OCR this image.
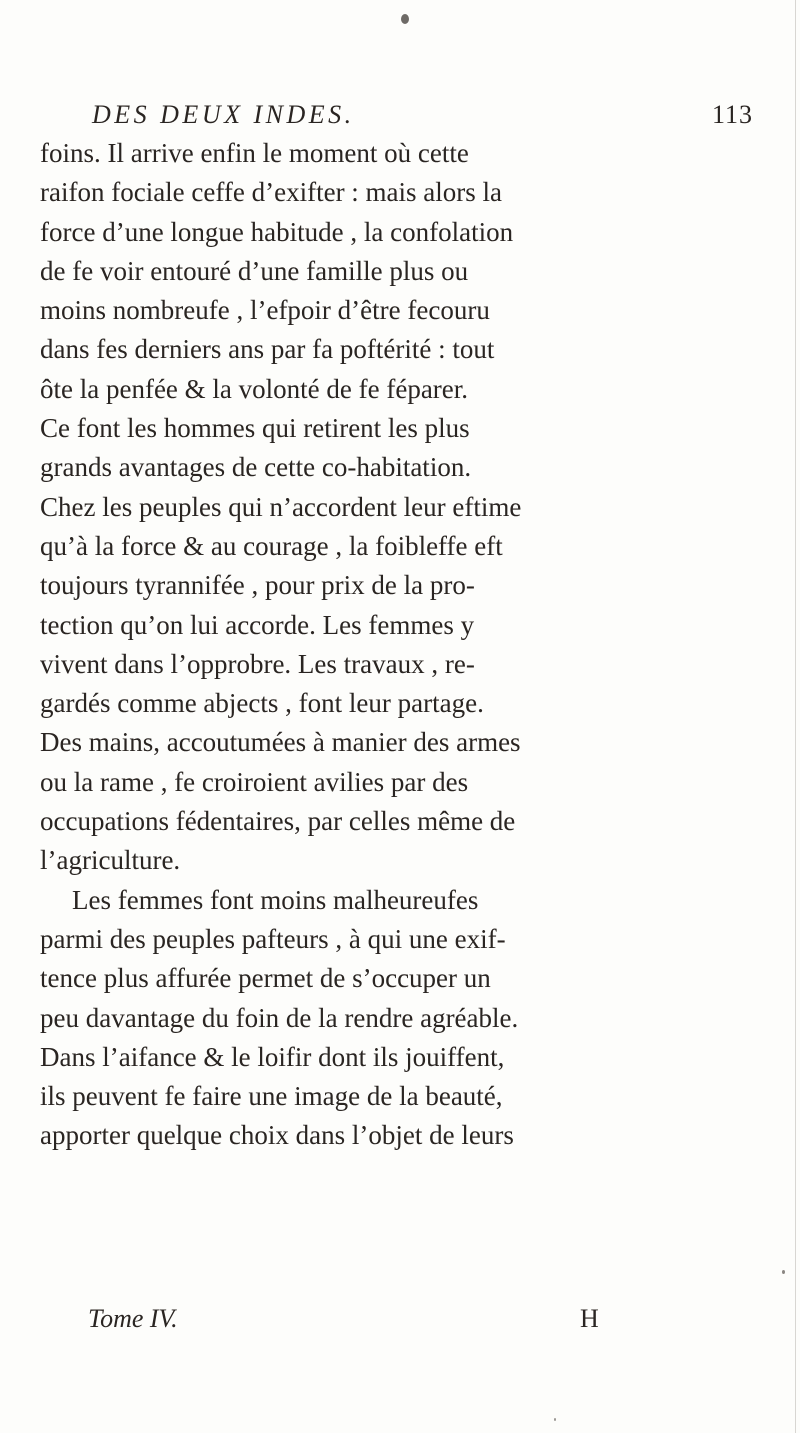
DES DEUX INDES.	113
foins. Il arrive enfin le moment où cette
raifon fociale ceffe d’exifter : mais alors la
force d’une longue habitude , la confolation
de fe voir entouré d’une famille plus ou
moins nombreufe , l’efpoir d’être fecouru
dans fes derniers ans par fa poftérité : tout
ôte la penfée & la volonté de fe féparer.
Ce font les hommes qui retirent les plus
grands avantages de cette co-habitation.
Chez les peuples qui n’accordent leur eftime
qu’à la force & au courage , la foibleffe eft
toujours tyrannifée , pour prix de la pro-
tection qu’on lui accorde. Les femmes y
vivent dans l’opprobre. Les travaux , re-
gardés comme abjects , font leur partage.
Des mains, accoutumées à manier des armes
ou la rame , fe croiroient avilies par des
occupations fédentaires, par celles même de
l’agriculture.
Les femmes font moins malheureufes
parmi des peuples pafteurs , à qui une exif-
tence plus affurée permet de s’occuper un
peu davantage du foin de la rendre agréable.
Dans l’aifance & le loifir dont ils jouiffent,
ils peuvent fe faire une image de la beauté,
apporter quelque choix dans l’objet de leurs
Tome IV.	H
